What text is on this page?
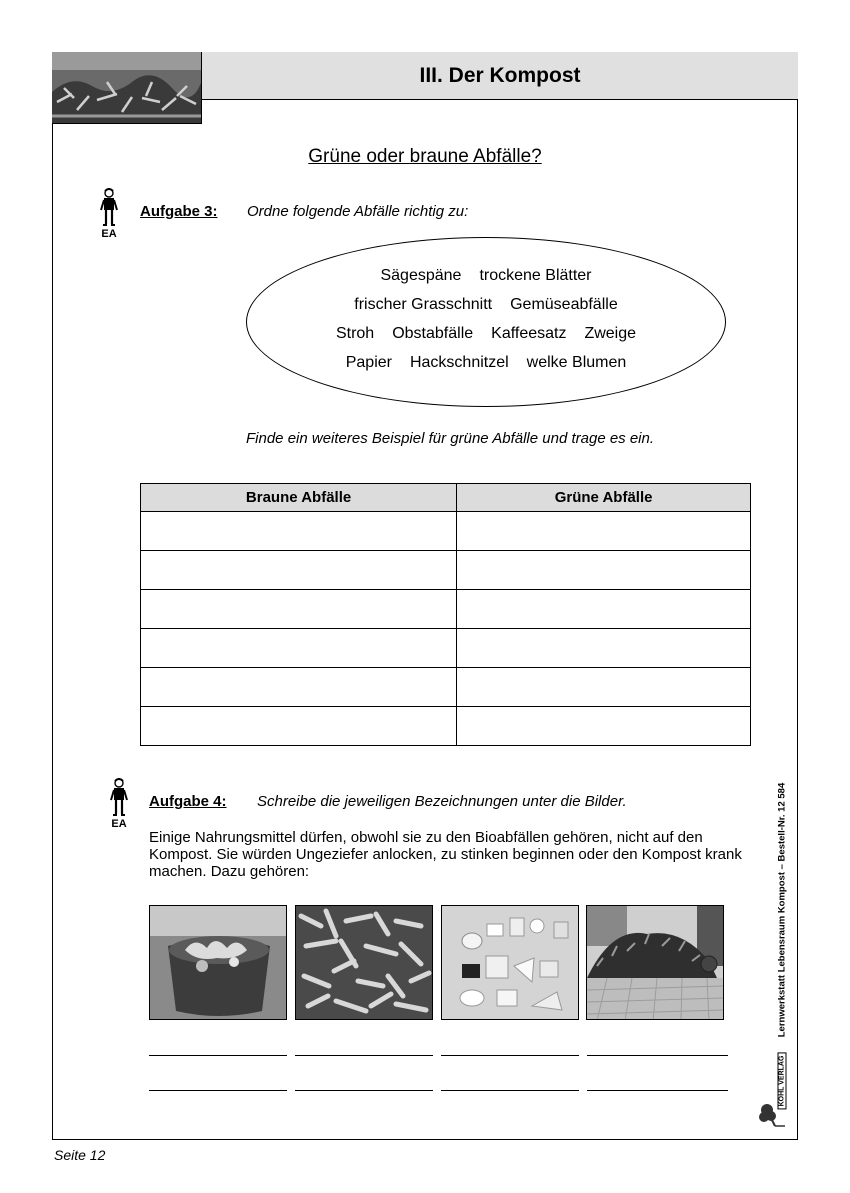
III. Der Kompost
Grüne oder braune Abfälle?
EA
Aufgabe 3: Ordne folgende Abfälle richtig zu:
Sägespäne trockene Blätter
frischer Grasschnitt Gemüseabfälle
Stroh Obstabfälle Kaffeesatz Zweige
Papier Hackschnitzel welke Blumen
Finde ein weiteres Beispiel für grüne Abfälle und trage es ein.
Braune Abfälle	Grüne Abfälle

EA
Aufgabe 4: Schreibe die jeweiligen Bezeichnungen unter die Bilder.
Einige Nahrungsmittel dürfen, obwohl sie zu den Bioabfällen gehören, nicht auf den Kompost. Sie würden Ungeziefer anlocken, zu stinken beginnen oder den Kompost krank machen. Dazu gehören:	Lernwerkstatt Lebensraum Kompost – Bestell-Nr. 12 584
KOHL VERLAG
Seite 12
